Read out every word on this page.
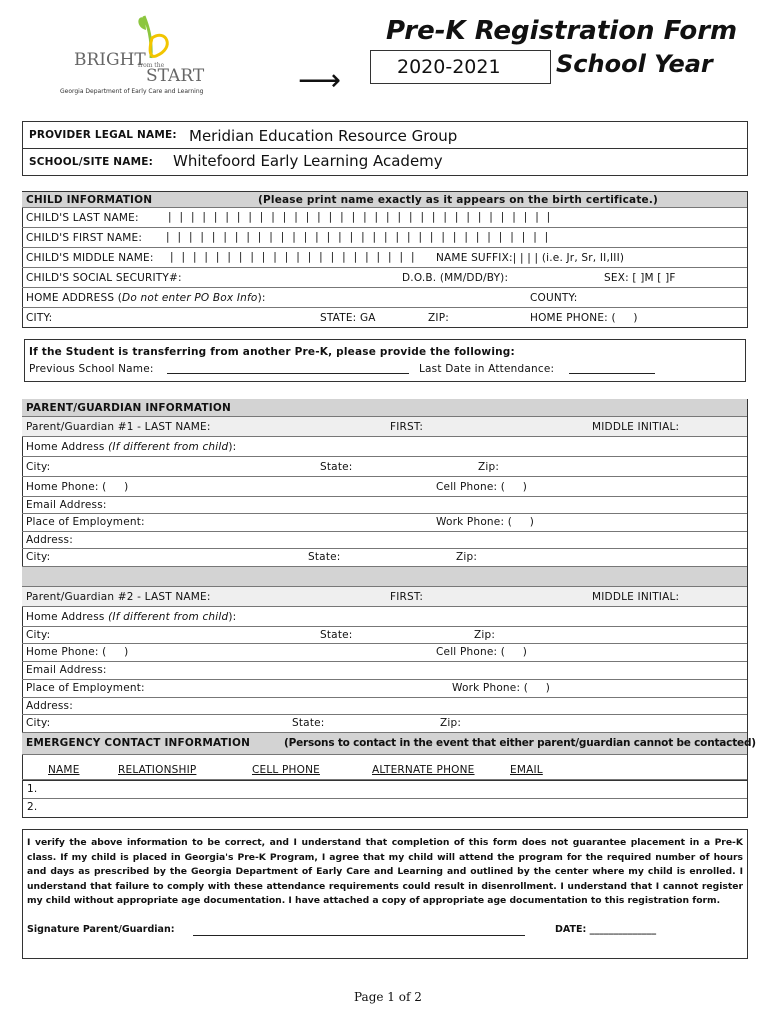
BRIGHT
from the
START
Georgia Department of Early Care and Learning	⟶
Pre-K Registration Form
2020-2021 School Year
PROVIDER LEGAL NAME: Meridian Education Resource Group
SCHOOL/SITE NAME: Whitefoord Early Learning Academy
CHILD INFORMATION	(Please print name exactly as it appears on the birth certificate.)
CHILD'S LAST NAME:	| | | | | | | | | | | | | | | | | | | | | | | | | | | | | | | | | |
CHILD'S FIRST NAME: | | | | | | | | | | | | | | | | | | | | | | | | | | | | | | | | | |
CHILD'S MIDDLE NAME: | | | | | | | | | | | | | | | | | | | | | | NAME SUFFIX:| | | | (i.e. Jr, Sr, II,III)
CHILD'S SOCIAL SECURITY#:	D.O.B. (MM/DD/BY):	SEX: [ ]M [ ]F
HOME ADDRESS (Do not enter PO Box Info):	COUNTY:
CITY:	STATE: GA	ZIP:	HOME PHONE: (     )
If the Student is transferring from another Pre-K, please provide the following:
Previous School Name:	Last Date in Attendance:
PARENT/GUARDIAN INFORMATION
Parent/Guardian #1 - LAST NAME:	FIRST:	MIDDLE INITIAL:
Home Address (If different from child):
City:	State:	Zip:
Home Phone: (     )	Cell Phone: (     )
Email Address:
Place of Employment:	Work Phone: (     )
Address:
City:	State:	Zip:
Parent/Guardian #2 - LAST NAME:	FIRST:	MIDDLE INITIAL:
Home Address (If different from child):
City:	State:	Zip:
Home Phone: (     )	Cell Phone: (     )
Email Address:
Place of Employment:	Work Phone: (     )
Address:
City:	State:	Zip:
EMERGENCY CONTACT INFORMATION	(Persons to contact in the event that either parent/guardian cannot be contacted)
NAME	RELATIONSHIP	CELL PHONE	ALTERNATE PHONE	EMAIL
1.
2.
I verify the above information to be correct, and I understand that completion of this form does not guarantee placement in a Pre-K class. If my child is placed in Georgia's Pre-K Program, I agree that my child will attend the program for the required number of hours and days as prescribed by the Georgia Department of Early Care and Learning and outlined by the center where my child is enrolled. I understand that failure to comply with these attendance requirements could result in disenrollment. I understand that I cannot register my child without appropriate age documentation. I have attached a copy of appropriate age documentation to this registration form.
Signature Parent/Guardian:	DATE: ______________
Page 1 of 2
